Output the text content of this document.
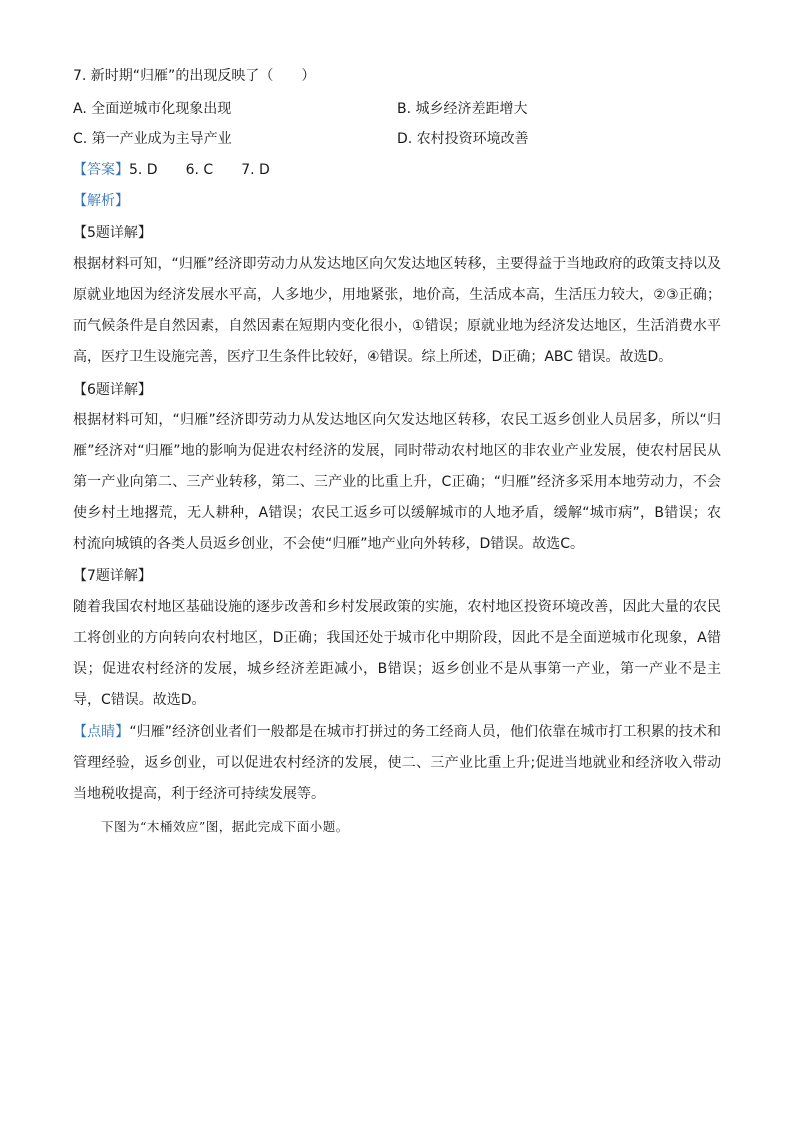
7. 新时期“归雁”的出现反映了（　　）
A. 全面逆城市化现象出现	B. 城乡经济差距增大
C. 第一产业成为主导产业	D. 农村投资环境改善
【答案】5. D 6. C 7. D
【解析】
【5题详解】
根据材料可知，“归雁”经济即劳动力从发达地区向欠发达地区转移，主要得益于当地政府的政策支持以及原就业地因为经济发展水平高，人多地少，用地紧张，地价高，生活成本高，生活压力较大，②③正确；而气候条件是自然因素，自然因素在短期内变化很小，①错误；原就业地为经济发达地区，生活消费水平高，医疗卫生设施完善，医疗卫生条件比较好，④错误。综上所述，D正确；ABC 错误。故选D。
【6题详解】
根据材料可知，“归雁”经济即劳动力从发达地区向欠发达地区转移，农民工返乡创业人员居多，所以“归雁”经济对“归雁”地的影响为促进农村经济的发展，同时带动农村地区的非农业产业发展，使农村居民从第一产业向第二、三产业转移，第二、三产业的比重上升，C正确；“归雁”经济多采用本地劳动力，不会使乡村土地撂荒，无人耕种，A错误；农民工返乡可以缓解城市的人地矛盾，缓解“城市病”，B错误；农村流向城镇的各类人员返乡创业，不会使“归雁”地产业向外转移，D错误。故选C。
【7题详解】
随着我国农村地区基础设施的逐步改善和乡村发展政策的实施，农村地区投资环境改善，因此大量的农民工将创业的方向转向农村地区，D正确；我国还处于城市化中期阶段，因此不是全面逆城市化现象，A错误；促进农村经济的发展，城乡经济差距减小，B错误；返乡创业不是从事第一产业，第一产业不是主导，C错误。故选D。
【点睛】“归雁”经济创业者们一般都是在城市打拼过的务工经商人员，他们依靠在城市打工积累的技术和管理经验，返乡创业，可以促进农村经济的发展，使二、三产业比重上升;促进当地就业和经济收入带动当地税收提高，利于经济可持续发展等。
下图为“木桶效应”图，据此完成下面小题。
